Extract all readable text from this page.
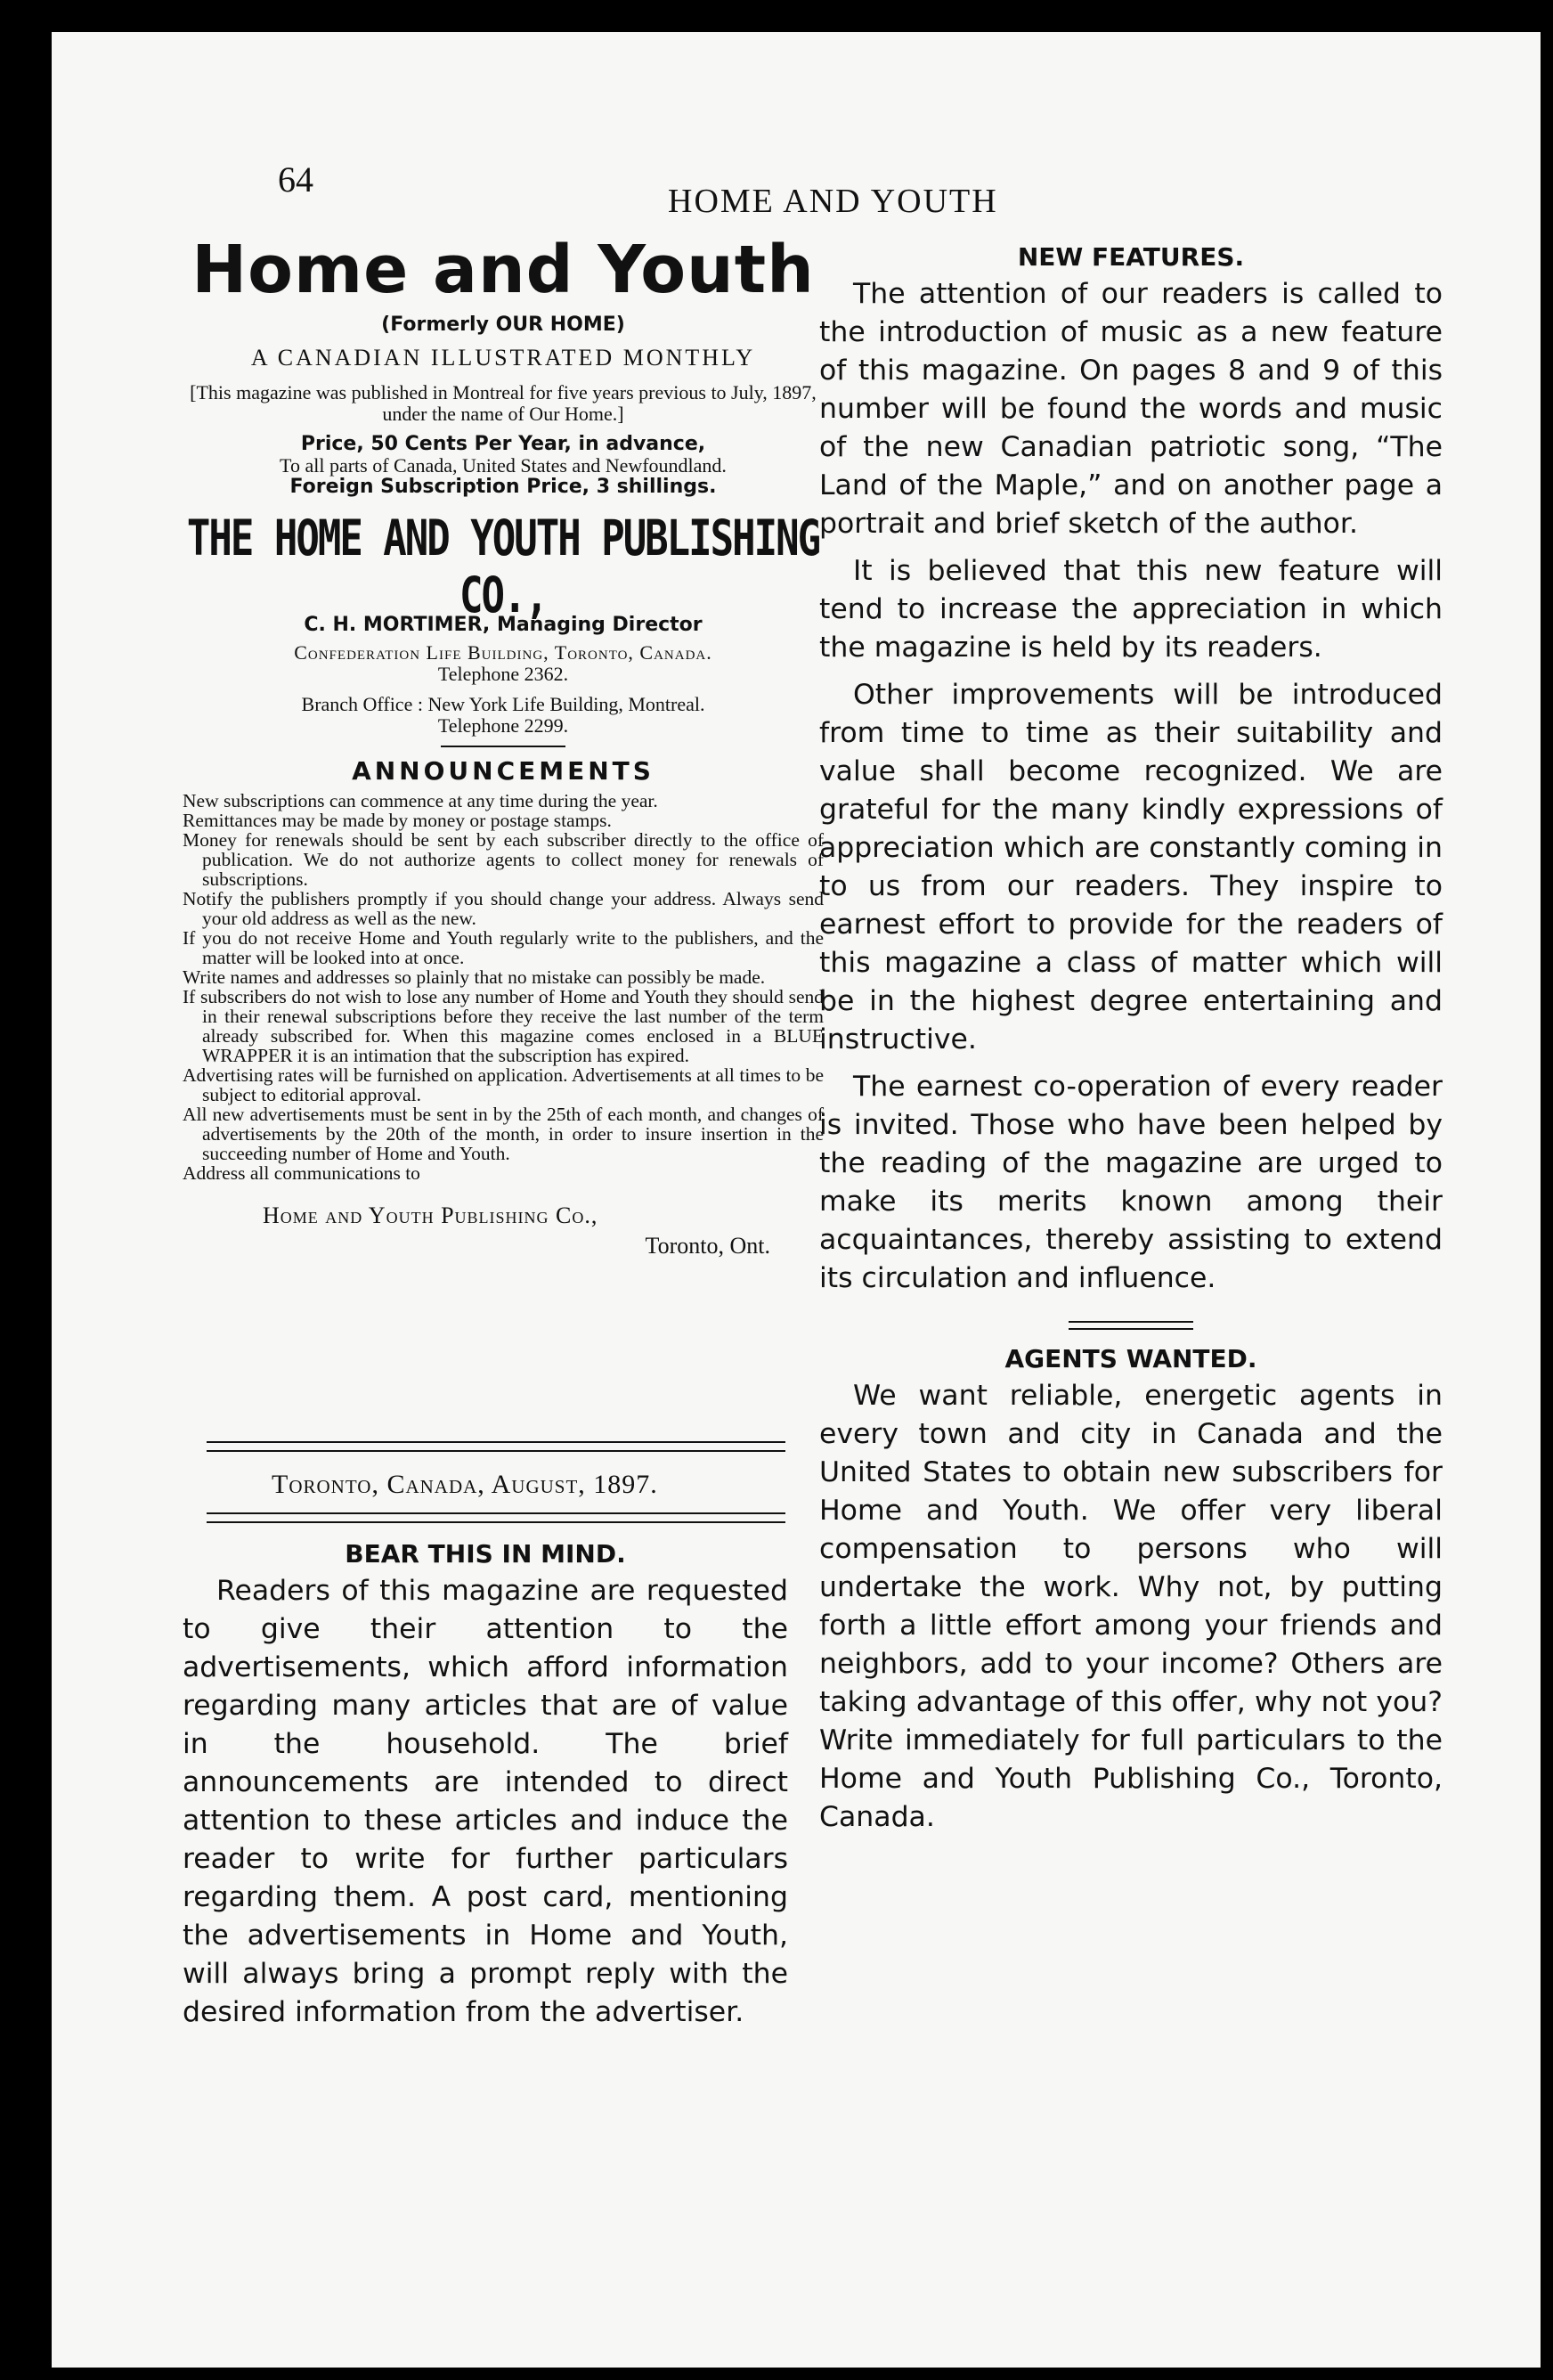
64
HOME AND YOUTH
Home and Youth
(Formerly OUR HOME)
A CANADIAN ILLUSTRATED MONTHLY
[This magazine was published in Montreal for five years previous to July, 1897, under the name of Our Home.]
Price, 50 Cents Per Year, in advance,
To all parts of Canada, United States and Newfoundland.
Foreign Subscription Price, 3 shillings.
THE HOME AND YOUTH PUBLISHING CO.,
C. H. MORTIMER, Managing Director
Confederation Life Building, Toronto, Canada.
Telephone 2362.
Branch Office : New York Life Building, Montreal.
Telephone 2299.
ANNOUNCEMENTS

New subscriptions can commence at any time during the year.

Remittances may be made by money or postage stamps.

Money for renewals should be sent by each subscriber directly to the office of publication. We do not authorize agents to collect money for renewals of subscriptions.

Notify the publishers promptly if you should change your address. Always send your old address as well as the new.

If you do not receive Home and Youth regularly write to the publishers, and the matter will be looked into at once.

Write names and addresses so plainly that no mistake can possibly be made.

If subscribers do not wish to lose any number of Home and Youth they should send in their renewal subscriptions before they receive the last number of the term already subscribed for. When this magazine comes enclosed in a BLUE WRAPPER it is an intimation that the subscription has expired.

Advertising rates will be furnished on application. Advertisements at all times to be subject to editorial approval.

All new advertisements must be sent in by the 25th of each month, and changes of advertisements by the 20th of the month, in order to insure insertion in the succeeding number of Home and Youth.

Address all communications to

Home and Youth Publishing Co.,
Toronto, Ont.
Toronto, Canada, August, 1897.
BEAR THIS IN MIND.

Readers of this magazine are requested to give their attention to the advertisements, which afford information regarding many articles that are of value in the household. The brief announcements are intended to direct attention to these articles and induce the reader to write for further particulars regarding them. A post card, mentioning the advertisements in Home and Youth, will always bring a prompt reply with the desired information from the advertiser.

NEW FEATURES.

The attention of our readers is called to the introduction of music as a new feature of this magazine. On pages 8 and 9 of this number will be found the words and music of the new Canadian patriotic song, “The Land of the Maple,” and on another page a portrait and brief sketch of the author.

It is believed that this new feature will tend to increase the appreciation in which the magazine is held by its readers.

Other improvements will be introduced from time to time as their suitability and value shall become recognized. We are grateful for the many kindly expressions of appreciation which are constantly coming in to us from our readers. They inspire to earnest effort to provide for the readers of this magazine a class of matter which will be in the highest degree entertaining and instructive.

The earnest co-operation of every reader is invited. Those who have been helped by the reading of the magazine are urged to make its merits known among their acquaintances, thereby assisting to extend its circulation and influence.

AGENTS WANTED.

We want reliable, energetic agents in every town and city in Canada and the United States to obtain new subscribers for Home and Youth. We offer very liberal compensation to persons who will undertake the work. Why not, by putting forth a little effort among your friends and neighbors, add to your income? Others are taking advantage of this offer, why not you? Write immediately for full particulars to the Home and Youth Publishing Co., Toronto, Canada.
